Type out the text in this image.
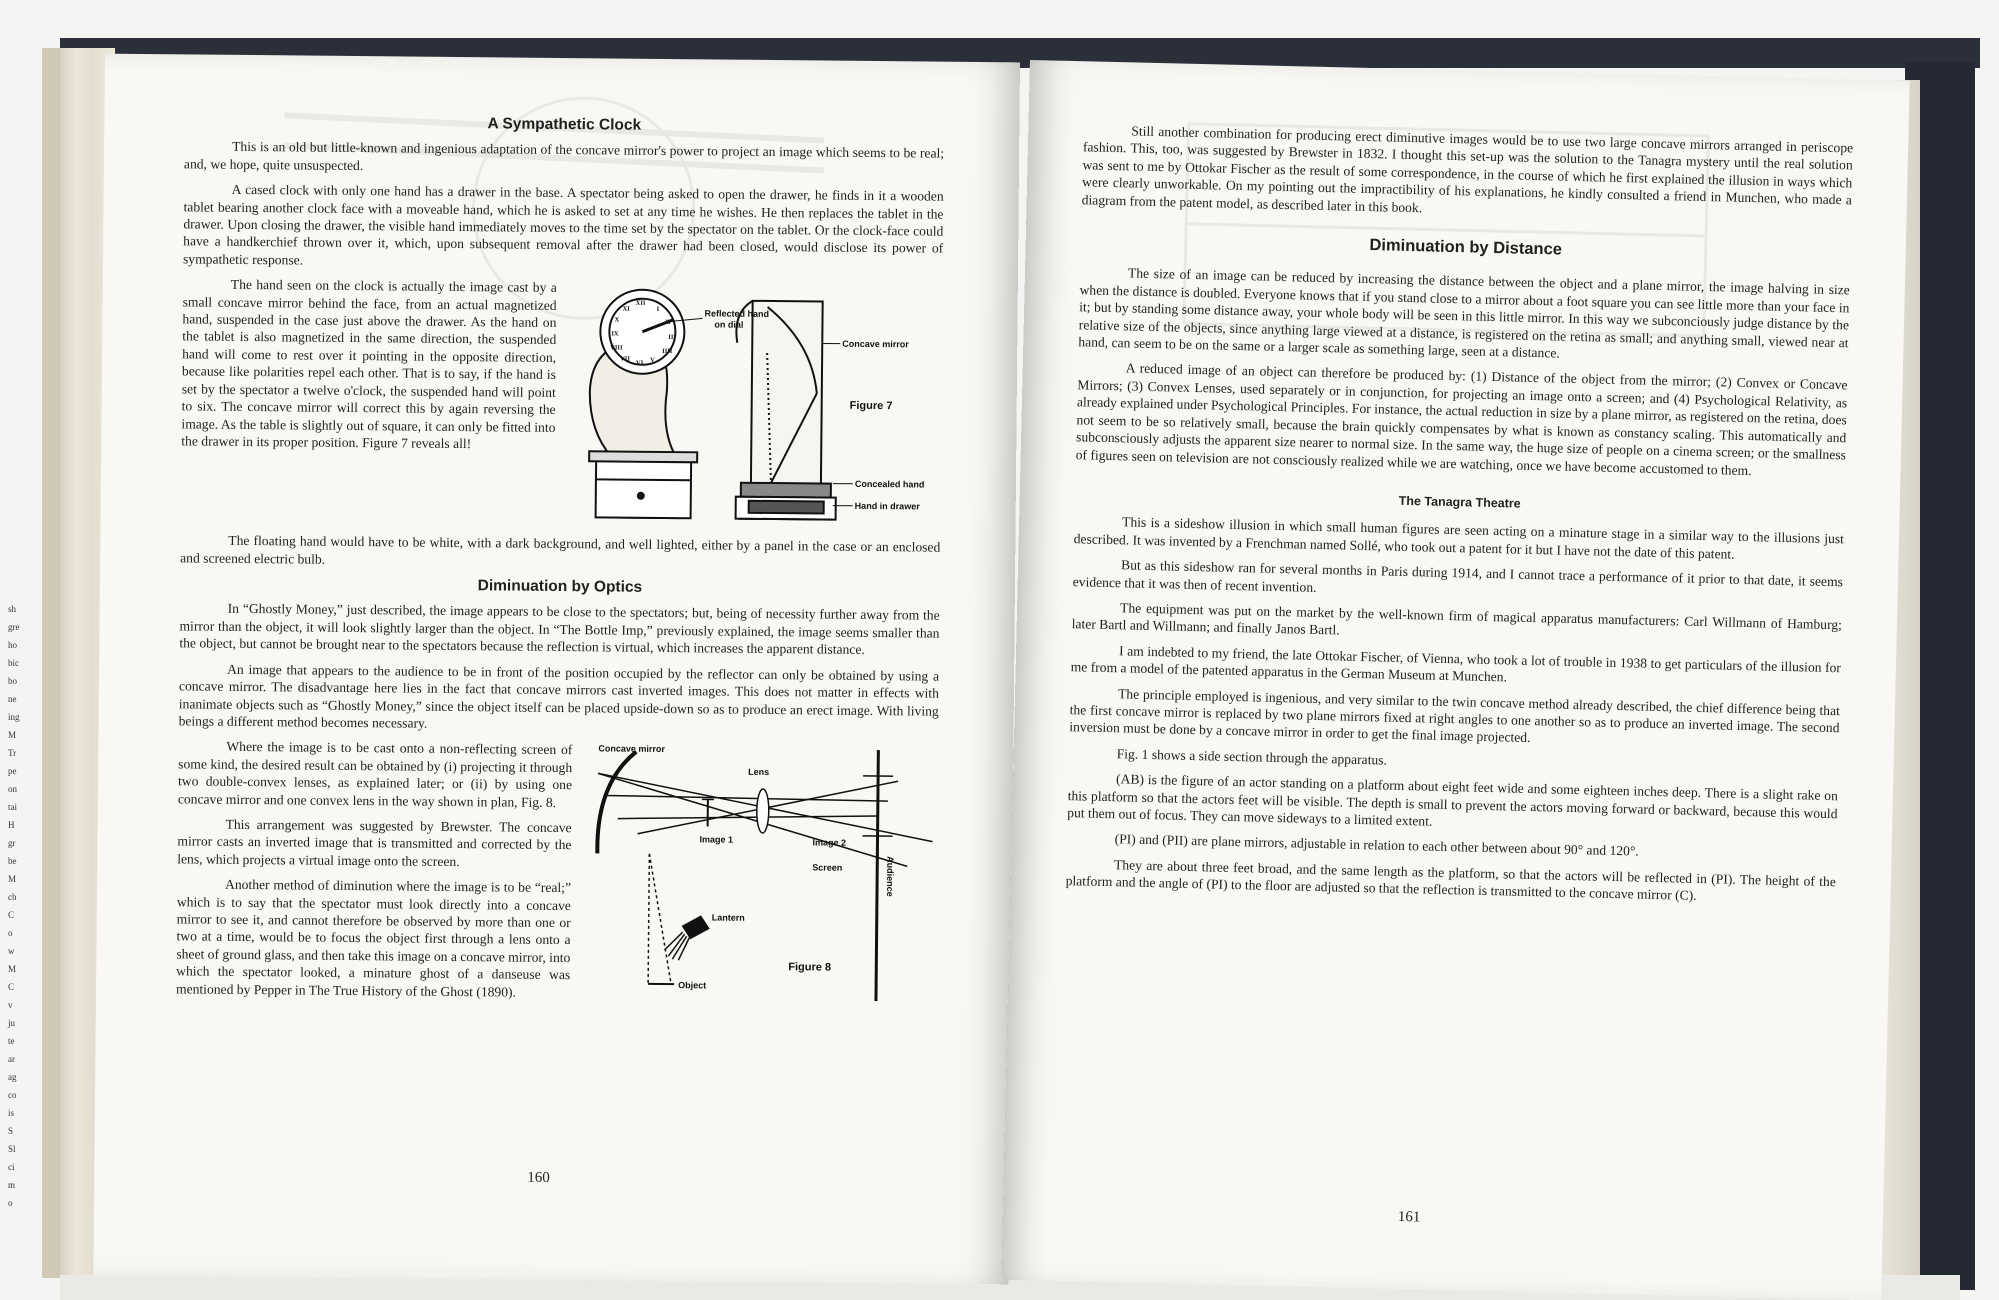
sh
gre
ho
bic
bo
ne
ing
M
Tr
pe
on
tai
H
gr
be
M
ch
C
o
w
M
C
v
ju
te
ar
ag
co
is
S
Sl
ci
m
o
A Sympathetic Clock

This is an old but little-known and ingenious adaptation of the concave mirror's power to project an image which seems to be real; and, we hope, quite unsuspected.

A cased clock with only one hand has a drawer in the base. A spectator being asked to open the drawer, he finds in it a wooden tablet bearing another clock face with a moveable hand, which he is asked to set at any time he wishes. He then replaces the tablet in the drawer. Upon closing the drawer, the visible hand immediately moves to the time set by the spectator on the tablet. Or the clock-face could have a handkerchief thrown over it, which, upon subsequent removal after the drawer had been closed, would disclose its power of sympathetic response.

XII
I
II
III
IIII
V
VI
VII
VIII
IX
X
XI	Reflected hand
on dial
Concave mirror
Concealed hand
Hand in drawer
Figure 7

The hand seen on the clock is actually the image cast by a small concave mirror behind the face, from an actual magnetized hand, suspended in the case just above the drawer. As the hand on the tablet is also magnetized in the same direction, the suspended hand will come to rest over it pointing in the opposite direction, because like polarities repel each other. That is to say, if the hand is set by the spectator a twelve o'clock, the suspended hand will point to six. The concave mirror will correct this by again reversing the image. As the table is slightly out of square, it can only be fitted into the drawer in its proper position. Figure 7 reveals all!

The floating hand would have to be white, with a dark background, and well lighted, either by a panel in the case or an enclosed and screened electric bulb.

Diminuation by Optics

In “Ghostly Money,” just described, the image appears to be close to the spectators; but, being of necessity further away from the mirror than the object, it will look slightly larger than the object. In “The Bottle Imp,” previously explained, the image seems smaller than the object, but cannot be brought near to the spectators because the reflection is virtual, which increases the apparent distance.

An image that appears to the audience to be in front of the position occupied by the reflector can only be obtained by using a concave mirror. The disadvantage here lies in the fact that concave mirrors cast inverted images. This does not matter in effects with inanimate objects such as “Ghostly Money,” since the object itself can be placed upside-down so as to produce an erect image. With living beings a different method becomes necessary.

Concave mirror
Lens
Image 1	Image 2
Screen	Audience
Lantern
Object
Figure 8

Where the image is to be cast onto a non-reflecting screen of some kind, the desired result can be obtained by (i) projecting it through two double-convex lenses, as explained later; or (ii) by using one concave mirror and one convex lens in the way shown in plan, Fig. 8.

This arrangement was suggested by Brewster. The concave mirror casts an inverted image that is transmitted and corrected by the lens, which projects a virtual image onto the screen.

Another method of diminution where the image is to be “real;” which is to say that the spectator must look directly into a concave mirror to see it, and cannot therefore be observed by more than one or two at a time, would be to focus the object first through a lens onto a sheet of ground glass, and then take this image on a concave mirror, into which the spectator looked, a minature ghost of a danseuse was mentioned by Pepper in The True History of the Ghost (1890).

160

Still another combination for producing erect diminutive images would be to use two large concave mirrors arranged in periscope fashion. This, too, was suggested by Brewster in 1832. I thought this set-up was the solution to the Tanagra mystery until the real solution was sent to me by Ottokar Fischer as the result of some correspondence, in the course of which he first explained the illusion in ways which were clearly unworkable. On my pointing out the impractibility of his explanations, he kindly consulted a friend in Munchen, who made a diagram from the patent model, as described later in this book.

Diminuation by Distance

The size of an image can be reduced by increasing the distance between the object and a plane mirror, the image halving in size when the distance is doubled. Everyone knows that if you stand close to a mirror about a foot square you can see little more than your face in it; but by standing some distance away, your whole body will be seen in this little mirror. In this way we subconciously judge distance by the relative size of the objects, since anything large viewed at a distance, is registered on the retina as small; and anything small, viewed near at hand, can seem to be on the same or a larger scale as something large, seen at a distance.

A reduced image of an object can therefore be produced by: (1) Distance of the object from the mirror; (2) Convex or Concave Mirrors; (3) Convex Lenses, used separately or in conjunction, for projecting an image onto a screen; and (4) Psychological Relativity, as already explained under Psychological Principles. For instance, the actual reduction in size by a plane mirror, as registered on the retina, does not seem to be so relatively small, because the brain quickly compensates by what is known as constancy scaling. This automatically and subconsciously adjusts the apparent size nearer to normal size. In the same way, the huge size of people on a cinema screen; or the smallness of figures seen on television are not consciously realized while we are watching, once we have become accustomed to them.

The Tanagra Theatre

This is a sideshow illusion in which small human figures are seen acting on a minature stage in a similar way to the illusions just described. It was invented by a Frenchman named Sollé, who took out a patent for it but I have not the date of this patent.

But as this sideshow ran for several months in Paris during 1914, and I cannot trace a performance of it prior to that date, it seems evidence that it was then of recent invention.

The equipment was put on the market by the well-known firm of magical apparatus manufacturers: Carl Willmann of Hamburg; later Bartl and Willmann; and finally Janos Bartl.

I am indebted to my friend, the late Ottokar Fischer, of Vienna, who took a lot of trouble in 1938 to get particulars of the illusion for me from a model of the patented apparatus in the German Museum at Munchen.

The principle employed is ingenious, and very similar to the twin concave method already described, the chief difference being that the first concave mirror is replaced by two plane mirrors fixed at right angles to one another so as to produce an inverted image. The second inversion must be done by a concave mirror in order to get the final image projected.

Fig. 1 shows a side section through the apparatus.

(AB) is the figure of an actor standing on a platform about eight feet wide and some eighteen inches deep. There is a slight rake on this platform so that the actors feet will be visible. The depth is small to prevent the actors moving forward or backward, because this would put them out of focus. They can move sideways to a limited extent.

(PI) and (PII) are plane mirrors, adjustable in relation to each other between about 90° and 120°.

They are about three feet broad, and the same length as the platform, so that the actors will be reflected in (PI). The height of the platform and the angle of (PI) to the floor are adjusted so that the reflection is transmitted to the concave mirror (C).

161
